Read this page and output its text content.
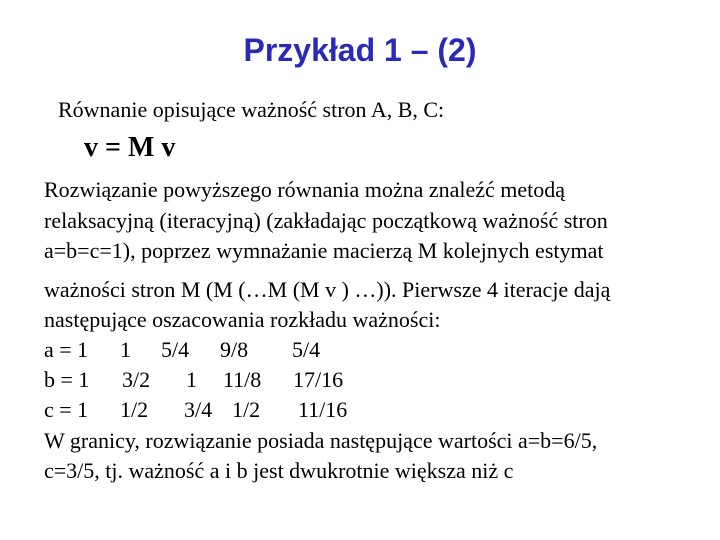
Przykład 1 – (2)
Równanie opisujące ważność stron A, B, C:
v = M v
Rozwiązanie powyższego równania można znaleźć metodą
relaksacyjną (iteracyjną) (zakładając początkową ważność stron
a=b=c=1), poprzez wymnażanie macierzą M kolejnych estymat
ważności stron M (M (…M (M v ) …)). Pierwsze 4 iteracje dają
następujące oszacowania rozkładu ważności:
a = 1 1 5/4 9/8 5/4
b = 1 3/2 1 11/8 17/16
c = 1 1/2 3/4 1/2 11/16
W granicy, rozwiązanie posiada następujące wartości a=b=6/5,
c=3/5, tj. ważność a i b jest dwukrotnie większa niż c
